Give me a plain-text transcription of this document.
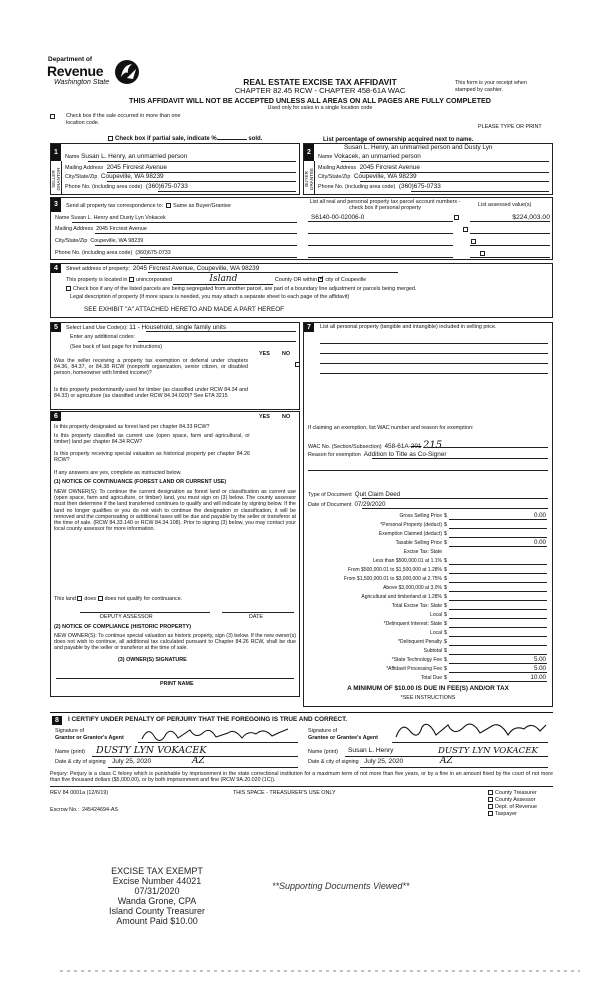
Department of
Revenue
Washington State	REAL ESTATE EXCISE TAX AFFIDAVIT
CHAPTER 82.45 RCW - CHAPTER 458-61A WAC
THIS AFFIDAVIT WILL NOT BE ACCEPTED UNLESS ALL AREAS ON ALL PAGES ARE FULLY COMPLETED
This form is your receipt when stamped by cashier.
Used only for sales in a single location code
Check box if the sale occurred in more than one location code.
PLEASE TYPE OR PRINT
Check box if partial sale, indicate %	sold.	List percentage of ownership acquired next to name.
1
SELLER GRANTOR
Name Susan L. Henry, an unmarried person
Mailing Address 2045 Fircrest Avenue
City/State/Zip Coupeville, WA 98239
Phone No. (including area code) (360)675-0733
2
BUYER GRANTEE
Susan L. Henry, an unmarried person and Dusty Lyn
Name Vokacek, an unmarried person
Mailing Address 2045 Fircrest Avenue
City/State/Zip Coupeville, WA 98239
Phone No. (including area code) (360)675-0733
3	Send all property tax correspondence to: Same as Buyer/Grantee
Name Susan L. Henry and Dusty Lyn Vokacek
Mailing Address 2045 Fircrest Avenue
City/State/Zip Coupeville, WA 98239
Phone No. (including area code) (360)675-0733
List all real and personal property tax parcel account numbers - check box if personal property
List assessed value(s)
S6140-00-02006-0	$224,003.00

4	Street address of property: 2045 Fircrest Avenue, Coupeville, WA 98239
This property is located in unincorporated	Island	County OR within ✓ city of Coupeville
Check box if any of the listed parcels are being segregated from another parcel, are part of a boundary line adjustment or parcels being merged.
Legal description of property (if more space is needed, you may attach a separate sheet to each page of the affidavit)
SEE EXHIBIT "A" ATTACHED HERETO AND MADE A PART HEREOF
5	Select Land Use Code(s): 11 - Household, single family units
Enter any additional codes:
(See back of last page for instructions)
YES NO
Was the seller receiving a property tax exemption or deferral under chapters 84.36, 84.37, or 84.38 RCW (nonprofit organization, senior citizen, or disabled person, homeowner with limited income)?
✓
Is this property predominantly used for timber (as classified under RCW 84.34 and 84.33) or agriculture (as classified under RCW 84.34.020)? See ETA 3215
✓
6	YES NO
Is this property designated as forest land per chapter 84.33 RCW?
✓
Is this property classified as current use (open space, farm and agricultural, or timber) land per chapter 84.34 RCW?
✓
Is this property receiving special valuation as historical property per chapter 84.26 RCW?
✓
If any answers are yes, complete as instructed below.
(1) NOTICE OF CONTINUANCE (FOREST LAND OR CURRENT USE)
NEW OWNER(S): To continue the current designation as forest land or classification as current use (open space, farm and agriculture, or timber) land, you must sign on (3) below. The county assessor must then determine if the land transferred continues to qualify and will indicate by signing below. If the land no longer qualifies or you do not wish to continue the designation or classification, it will be removed and the compensating or additional taxes will be due and payable by the seller or transferor at the time of sale. (RCW 84.33.140 or RCW 84.34.108). Prior to signing (3) below, you may contact your local county assessor for more information.
This land does does not qualify for continuance.
DEPUTY ASSESSOR	DATE
(2) NOTICE OF COMPLIANCE (HISTORIC PROPERTY)
NEW OWNER(S): To continue special valuation as historic property, sign (3) below. If the new owner(s) does not wish to continue, all additional tax calculated pursuant to Chapter 84.26 RCW, shall be due and payable by the seller or transferor at the time of sale.
(3) OWNER(S) SIGNATURE
PRINT NAME
7	List all personal property (tangible and intangible) included in selling price.
If claiming an exemption, list WAC number and reason for exemption:
WAC No. (Section/Subsection) 458-61A-201 215
Reason for exemption Addition to Title as Co-Signer
Type of Document Quit Claim Deed
Date of Document 07/29/2020
Gross Selling Price $	0.00
*Personal Property (deduct) $
Exemption Claimed (deduct) $
Taxable Selling Price $	0.00
Excise Tax: State
Less than $500,000.01 at 1.1% $
From $500,000.01 to $1,500,000 at 1.28% $
From $1,500,000.01 to $3,000,000 at 2.75% $
Above $3,000,000 at 3.0% $
Agricultural and timberland at 1.28% $
Total Excise Tax: State $
Local $
*Delinquent Interest: State $
Local $
*Delinquent Penalty $
Subtotal $
*State Technology Fee $	5.00
*Affidavit Processing Fee $	5.00
Total Due $	10.00
A MINIMUM OF $10.00 IS DUE IN FEE(S) AND/OR TAX
*SEE INSTRUCTIONS
8	I CERTIFY UNDER PENALTY OF PERJURY THAT THE FOREGOING IS TRUE AND CORRECT.
Signature of
Grantor or Grantor's Agent
Name (print) DUSTY LYN VOKACEK
Date & city of signing July 25, 2020	AZ
Signature of
Grantee or Grantee's Agent
Name (print) Susan L. Henry	DUSTY LYN VOKACEK
Date & city of signing July 25, 2020	AZ
Perjury: Perjury is a class C felony which is punishable by imprisonment in the state correctional institution for a maximum term of not more than five years, or by a fine in an amount fixed by the court of not more than five thousand dollars ($5,000.00), or by both imprisonment and fine (RCW 9A.20.020 (1C)).
REV 84 0001a (12/6/19)	THIS SPACE - TREASURER'S USE ONLY
Escrow No.: 245424694-AS
County Treasurer
County Assessor
Dept. of Revenue
Taxpayer
EXCISE TAX EXEMPT
Excise Number 44021
07/31/2020
Wanda Grone, CPA
Island County Treasurer
Amount Paid $10.00
**Supporting Documents Viewed**
